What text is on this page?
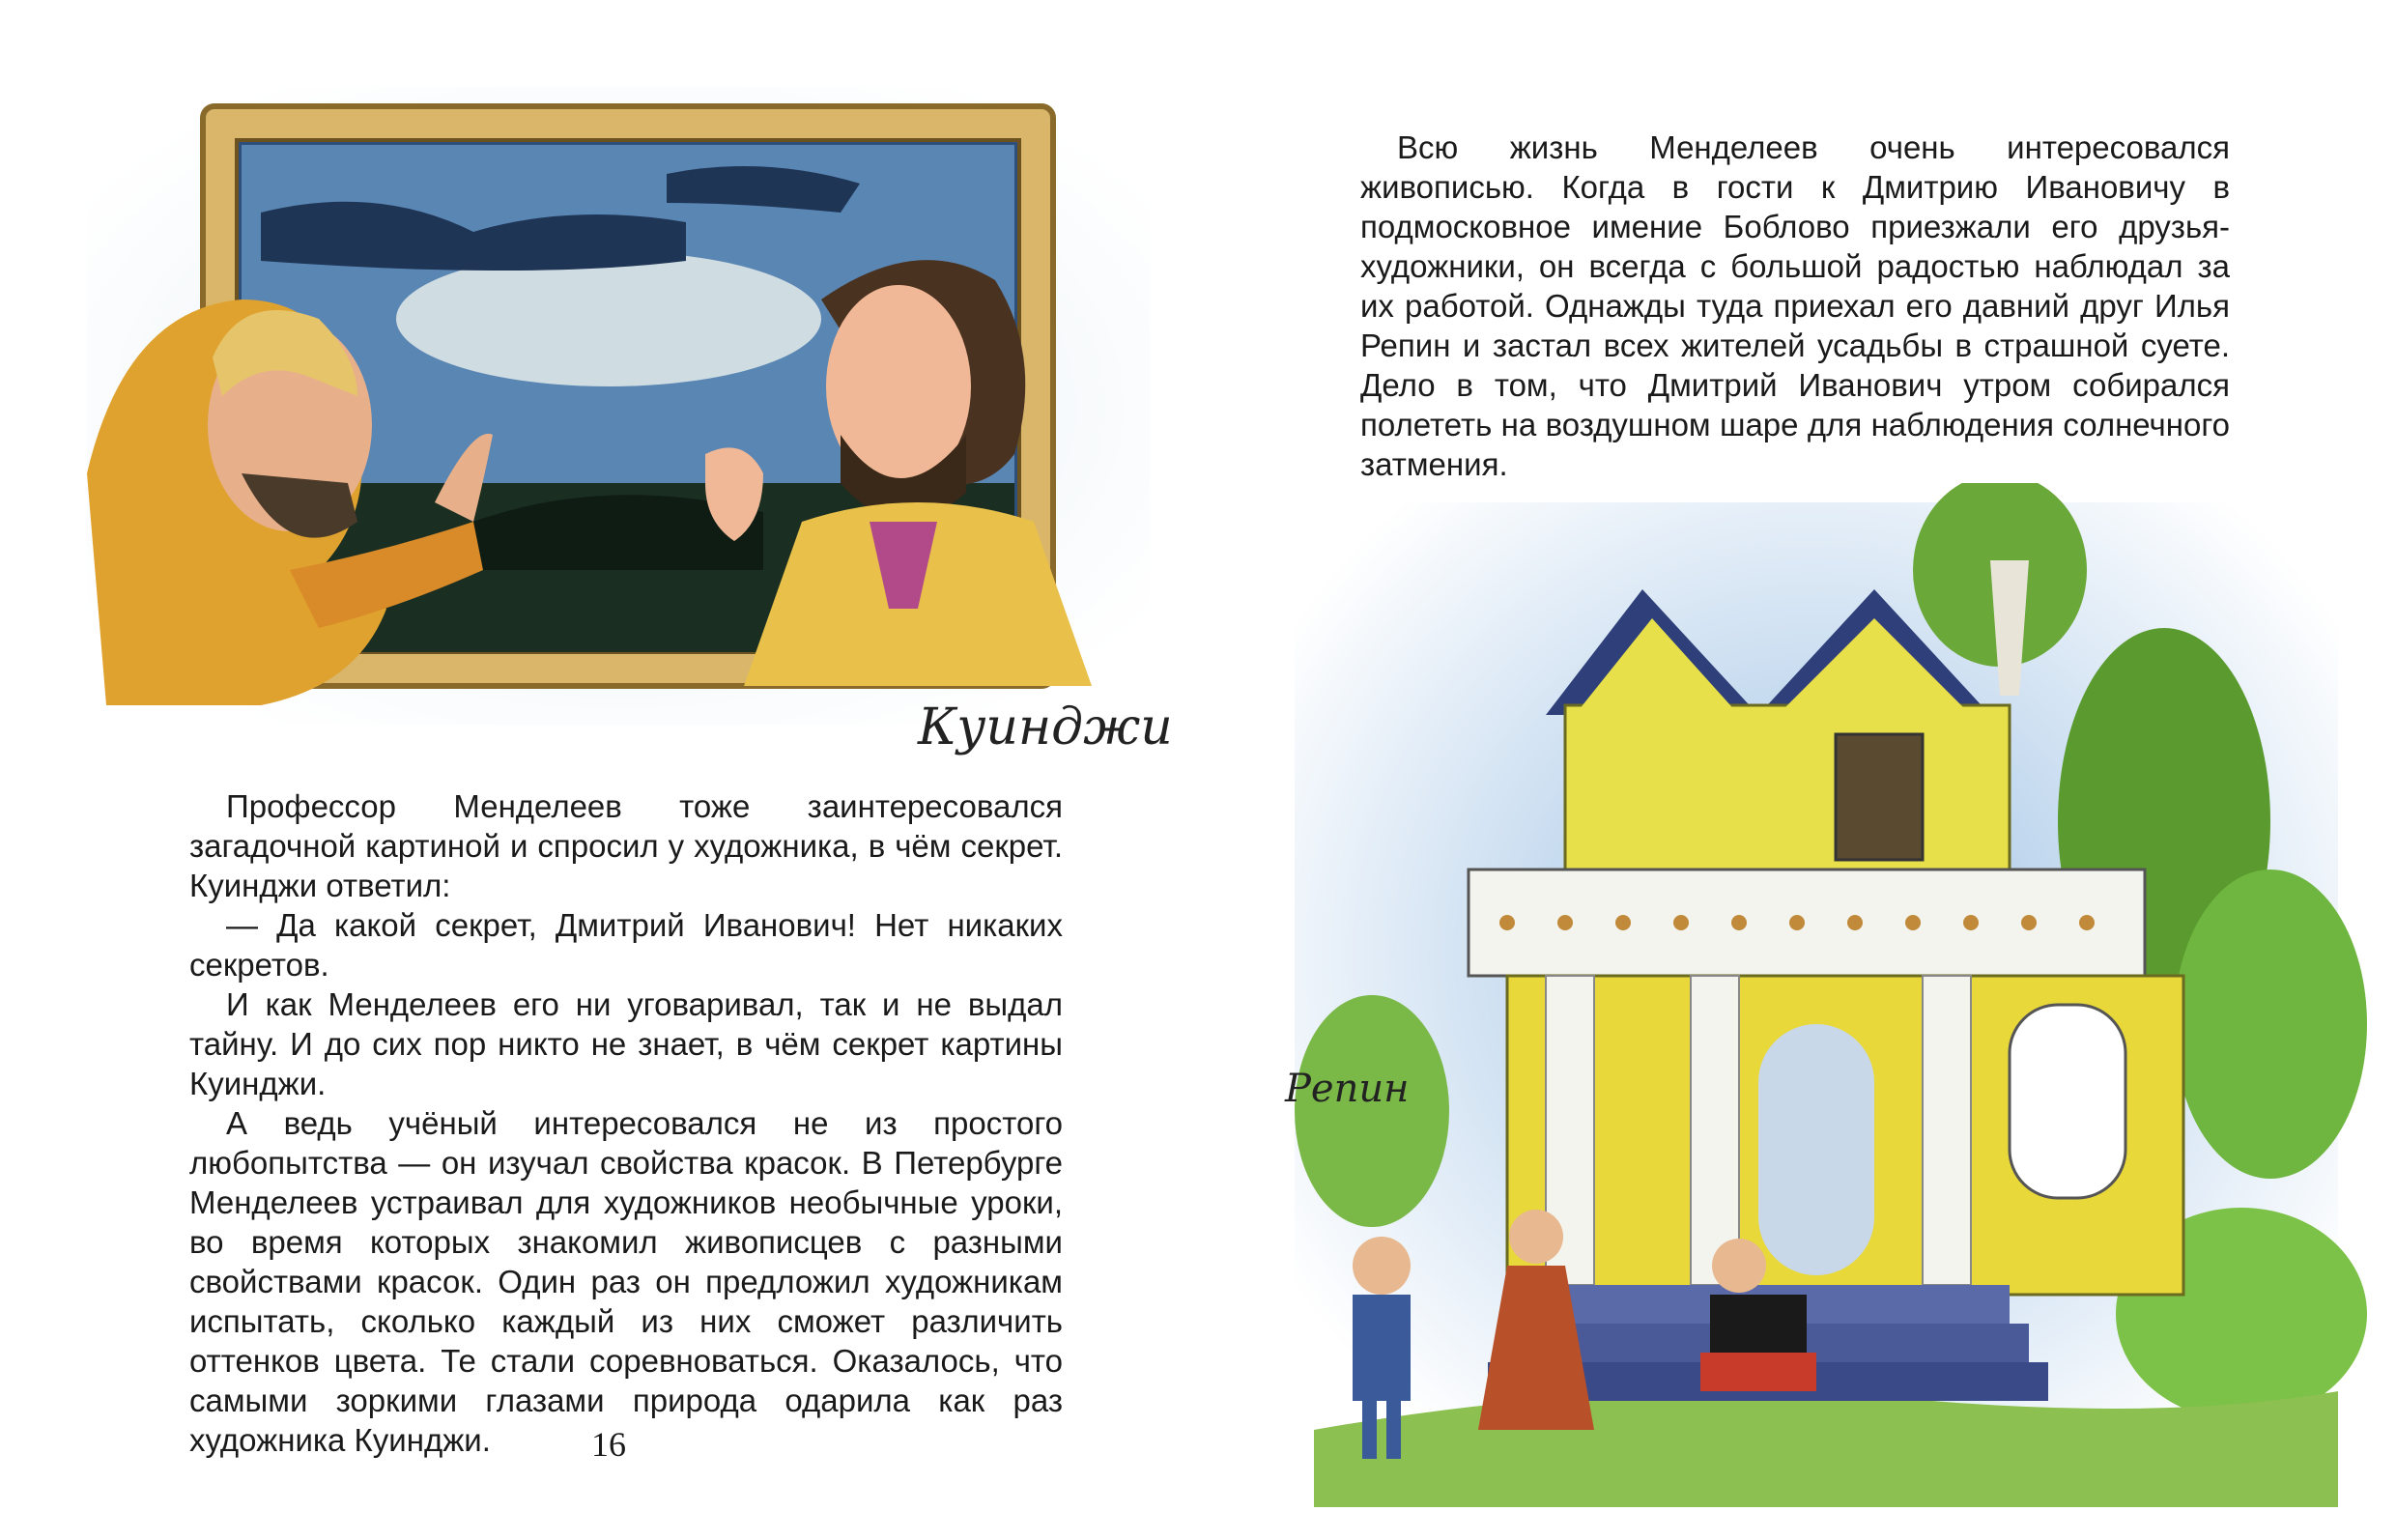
Куинджи

Профессор Менделеев тоже заинтересовался загадочной картиной и спросил у художника, в чём секрет. Куинджи ответил:

— Да какой секрет, Дмитрий Иванович! Нет никаких секретов.

И как Менделеев его ни уговаривал, так и не выдал тайну. И до сих пор никто не знает, в чём секрет картины Куинджи.

А ведь учёный интересовался не из простого любопытства — он изучал свойства красок. В Петербурге Менделеев устраивал для художников необычные уроки, во время которых знакомил живописцев с разными свойствами красок. Один раз он предложил художникам испытать, сколько каждый из них сможет различить оттенков цвета. Те стали соревноваться. Оказалось, что самыми зоркими глазами природа одарила как раз художника Куинджи.	16

Всю жизнь Менделеев очень интересовался живописью. Когда в гости к Дмитрию Ивановичу в подмосковное имение Боблово приезжали его друзья-художники, он всегда с большой радостью наблюдал за их работой. Однажды туда приехал его давний друг Илья Репин и застал всех жителей усадьбы в страшной суете. Дело в том, что Дмитрий Иванович утром собирался полететь на воздушном шаре для наблюдения солнечного затмения.

Репин
